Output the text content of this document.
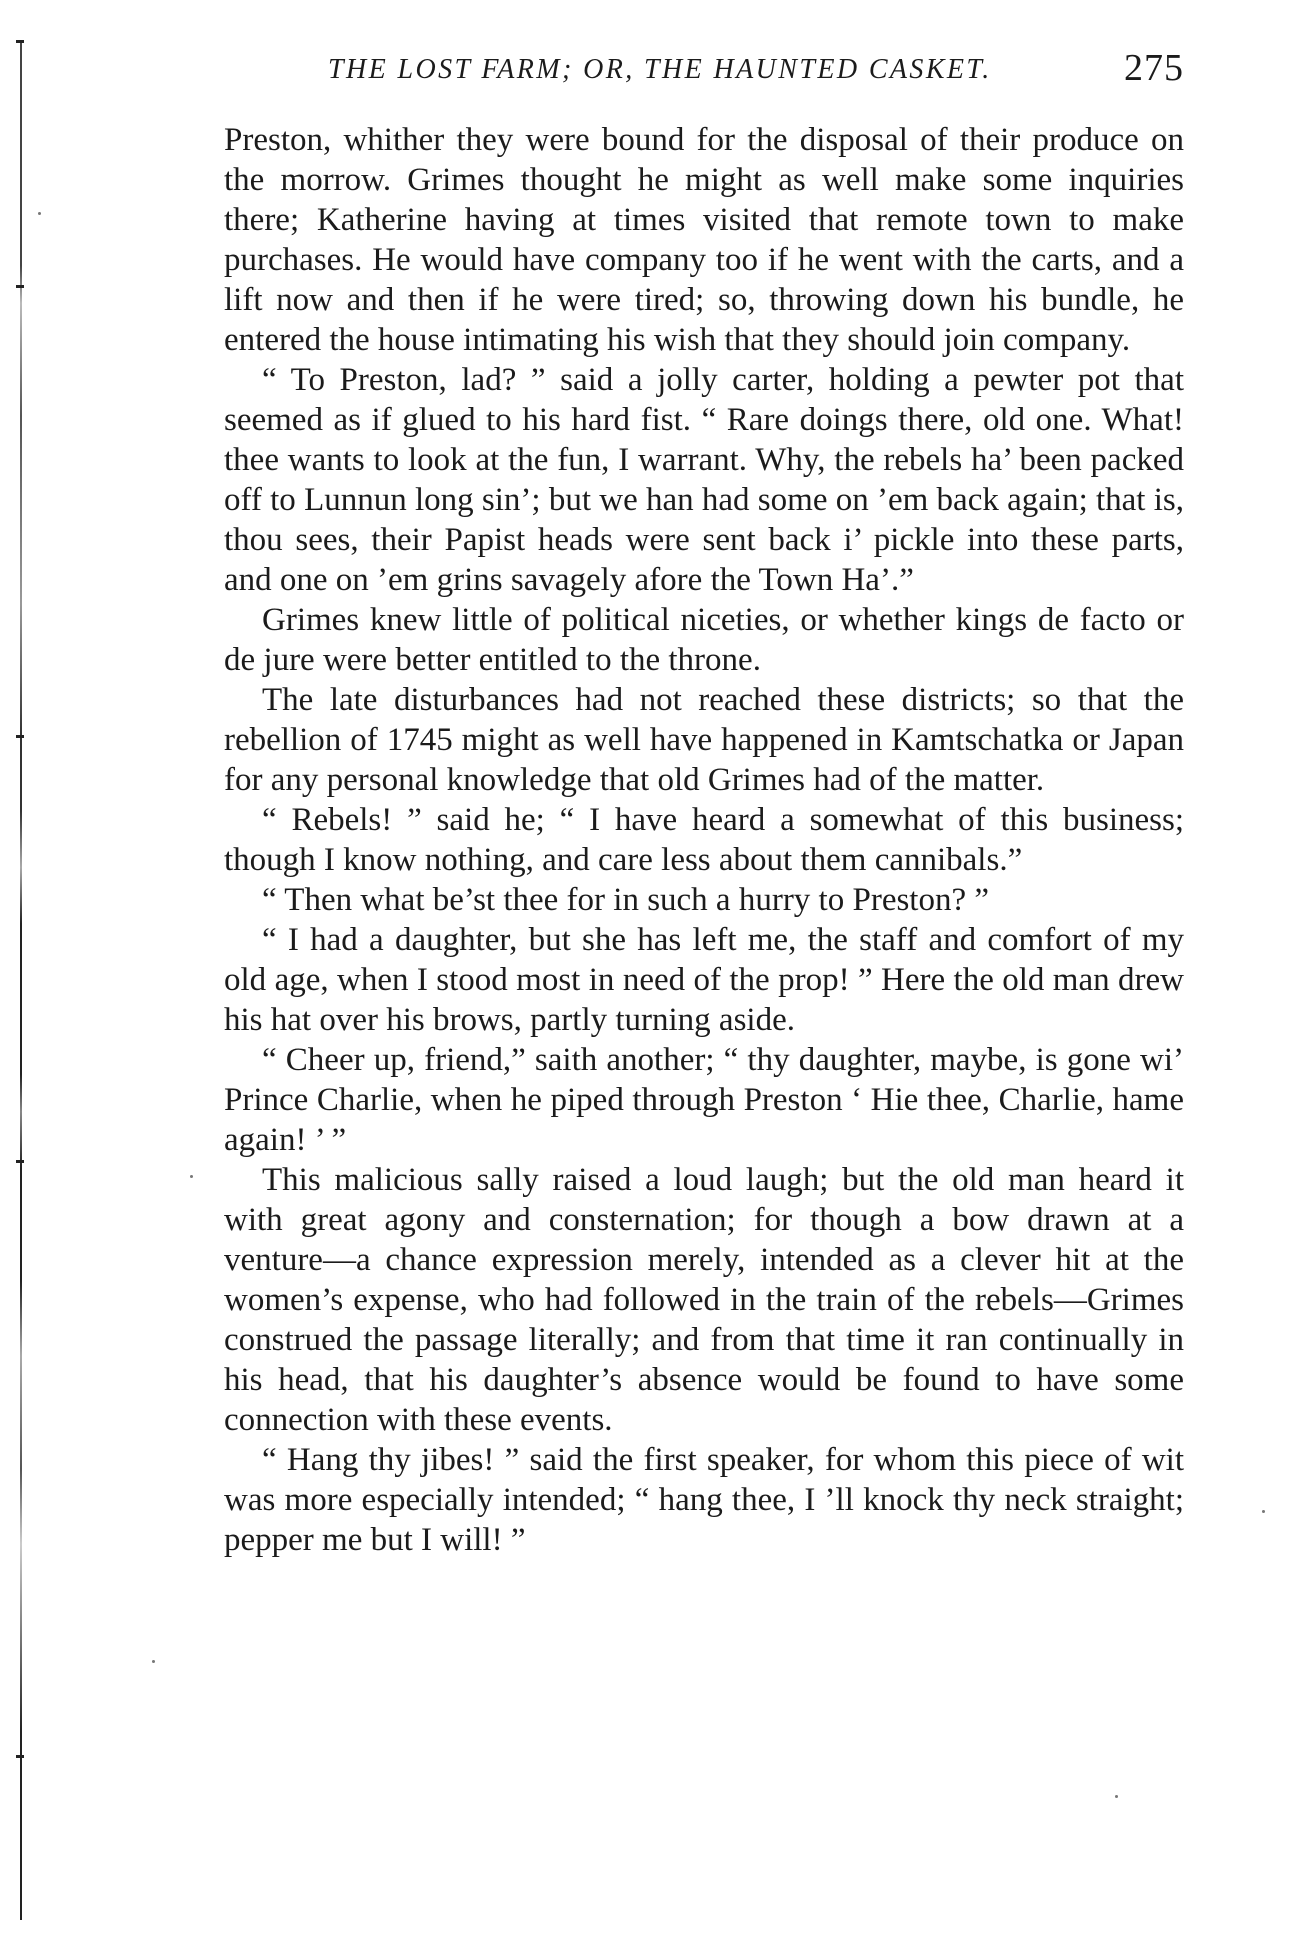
THE LOST FARM; OR, THE HAUNTED CASKET.	275

Preston, whither they were bound for the disposal of their produce on the morrow. Grimes thought he might as well make some inquiries there; Katherine having at times visited that remote town to make purchases. He would have company too if he went with the carts, and a lift now and then if he were tired; so, throwing down his bundle, he entered the house intimating his wish that they should join company.

“ To Preston, lad? ” said a jolly carter, holding a pewter pot that seemed as if glued to his hard fist. “ Rare doings there, old one. What! thee wants to look at the fun, I warrant. Why, the rebels ha’ been packed off to Lunnun long sin’; but we han had some on ’em back again; that is, thou sees, their Papist heads were sent back i’ pickle into these parts, and one on ’em grins savagely afore the Town Ha’.”

Grimes knew little of political niceties, or whether kings de facto or de jure were better entitled to the throne.

The late disturbances had not reached these districts; so that the rebellion of 1745 might as well have happened in Kamtschatka or Japan for any personal knowledge that old Grimes had of the matter.

“ Rebels! ” said he; “ I have heard a somewhat of this business; though I know nothing, and care less about them cannibals.”

“ Then what be’st thee for in such a hurry to Preston? ”

“ I had a daughter, but she has left me, the staff and comfort of my old age, when I stood most in need of the prop! ” Here the old man drew his hat over his brows, partly turning aside.

“ Cheer up, friend,” saith another; “ thy daughter, maybe, is gone wi’ Prince Charlie, when he piped through Preston ‘ Hie thee, Charlie, hame again! ’ ”

This malicious sally raised a loud laugh; but the old man heard it with great agony and consternation; for though a bow drawn at a venture—a chance expression merely, intended as a clever hit at the women’s expense, who had followed in the train of the rebels—Grimes construed the passage literally; and from that time it ran continually in his head, that his daughter’s absence would be found to have some connection with these events.

“ Hang thy jibes! ” said the first speaker, for whom this piece of wit was more especially intended; “ hang thee, I ’ll knock thy neck straight; pepper me but I will! ”
